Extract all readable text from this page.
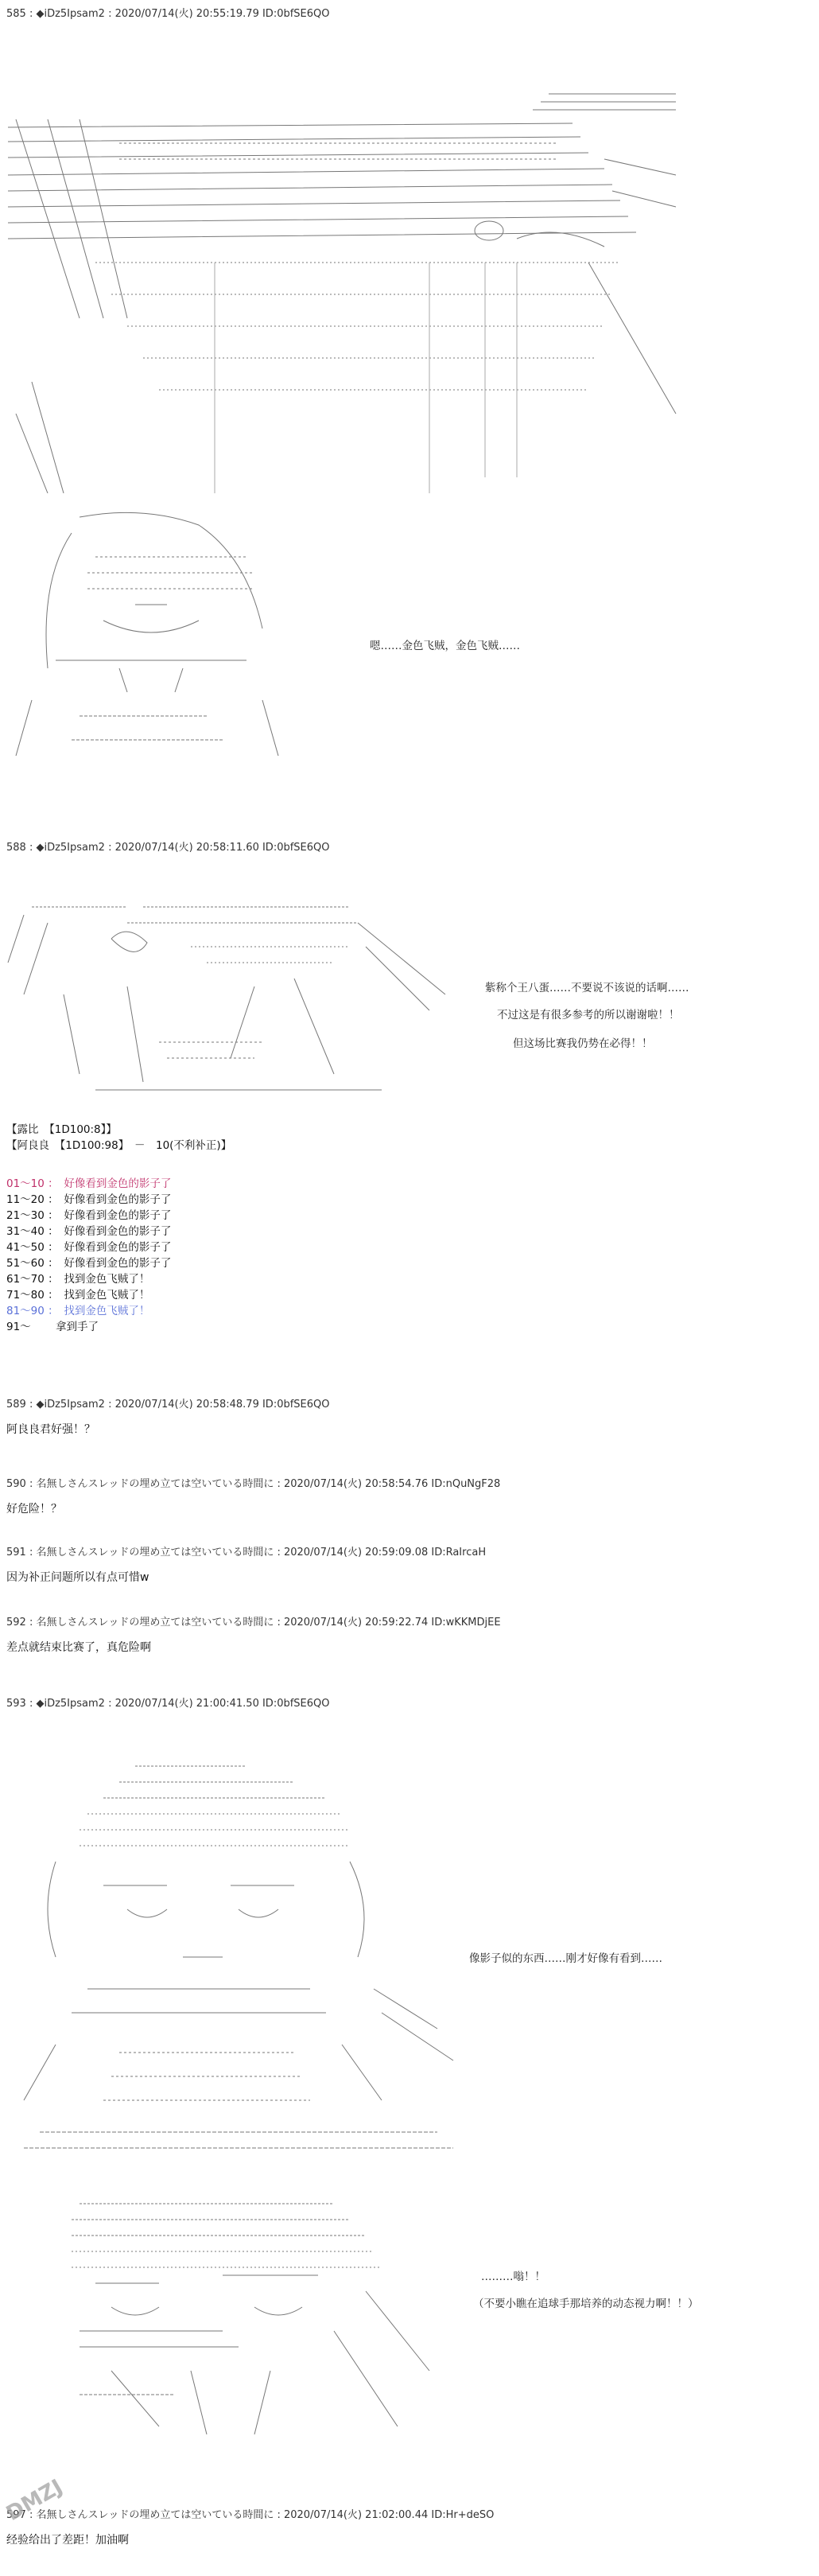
585 : ◆iDz5Ipsam2 : 2020/07/14(火) 20:55:19.79 ID:0bfSE6QO
嗯……金色飞贼，金色飞贼……
588 : ◆iDz5Ipsam2 : 2020/07/14(火) 20:58:11.60 ID:0bfSE6QO
紫称个王八蛋……不要说不该说的话啊……
不过这是有很多参考的所以谢谢啦！！
但这场比赛我仍势在必得！！
【露比　【1D100:8】】
【阿良良　【1D100:98】　－　10(不利补正)】
01～10 ：　好像看到金色的影子了
11～20 ：　好像看到金色的影子了
21～30 ：　好像看到金色的影子了
31～40 ：　好像看到金色的影子了
41～50 ：　好像看到金色的影子了
51～60 ：　好像看到金色的影子了
61～70 ：　找到金色飞贼了！
71～80 ：　找到金色飞贼了！
81～90 ：　找到金色飞贼了！
91～ 　　拿到手了
589 : ◆iDz5Ipsam2 : 2020/07/14(火) 20:58:48.79 ID:0bfSE6QO
阿良良君好强！？
590 : 名無しさんスレッドの埋め立ては空いている時間に : 2020/07/14(火) 20:58:54.76 ID:nQuNgF28
好危险！？
591 : 名無しさんスレッドの埋め立ては空いている時間に : 2020/07/14(火) 20:59:09.08 ID:RaIrcaH
因为补正问题所以有点可惜w
592 : 名無しさんスレッドの埋め立ては空いている時間に : 2020/07/14(火) 20:59:22.74 ID:wKKMDjEE
差点就结束比赛了，真危险啊
593 : ◆iDz5Ipsam2 : 2020/07/14(火) 21:00:41.50 ID:0bfSE6QO
像影子似的东西……刚才好像有看到……
………嗡！！
（不要小瞧在追球手那培养的动态视力啊！！）
597 : 名無しさんスレッドの埋め立ては空いている時間に : 2020/07/14(火) 21:02:00.44 ID:Hr+deSO
经验给出了差距！加油啊
DMZJ
